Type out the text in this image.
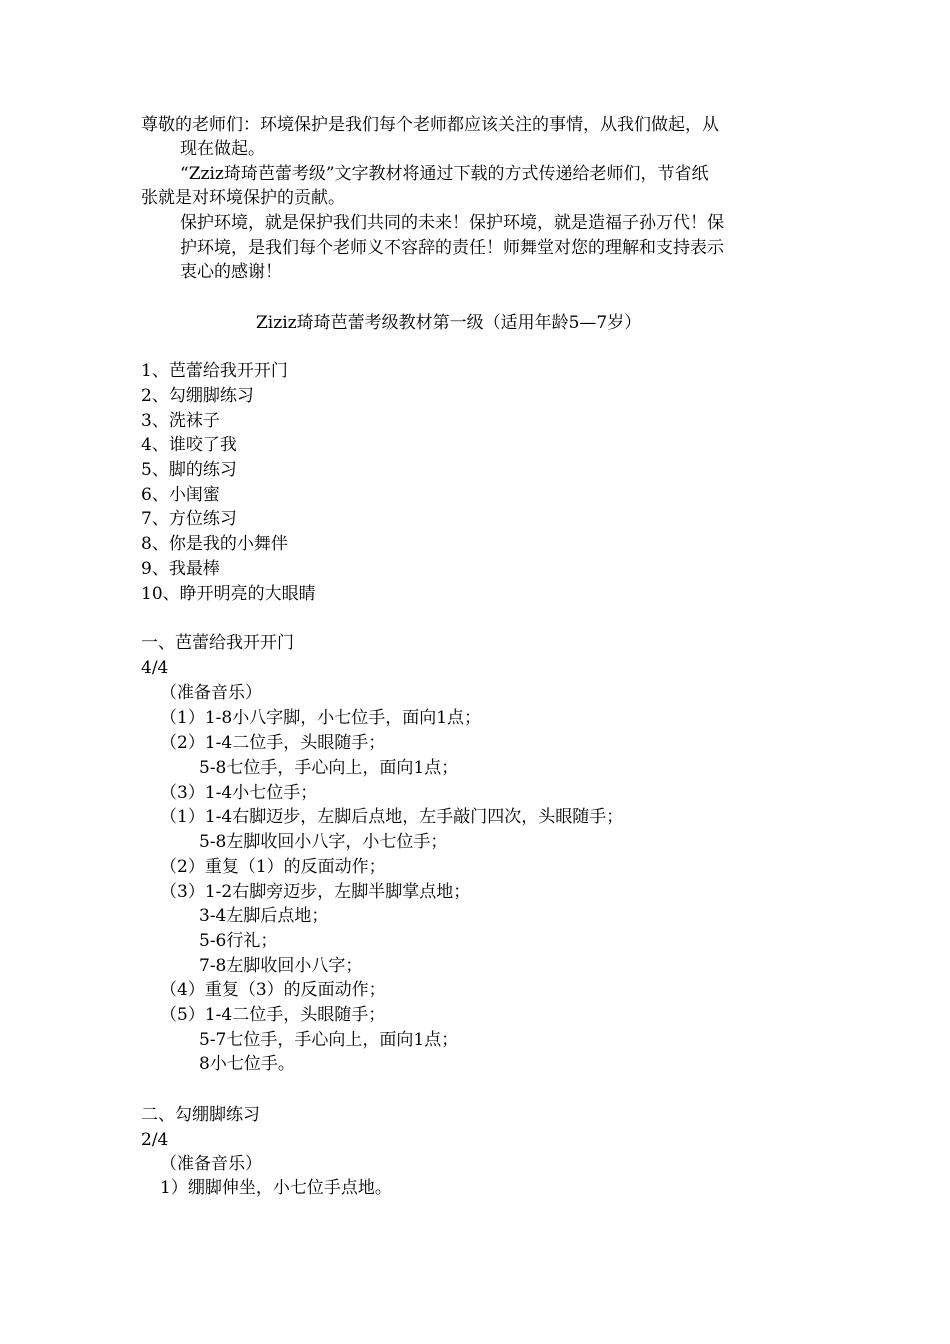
尊敬的老师们：环境保护是我们每个老师都应该关注的事情，从我们做起，从
现在做起。
“Zziz琦琦芭蕾考级”文字教材将通过下载的方式传递给老师们，节省纸
张就是对环境保护的贡献。
保护环境，就是保护我们共同的未来！保护环境，就是造福子孙万代！保
护环境，是我们每个老师义不容辞的责任！师舞堂对您的理解和支持表示
衷心的感谢！
Ziziz琦琦芭蕾考级教材第一级（适用年龄5—7岁）
1、芭蕾给我开开门
2、勾绷脚练习
3、洗袜子
4、谁咬了我
5、脚的练习
6、小闺蜜
7、方位练习
8、你是我的小舞伴
9、我最棒
10、睁开明亮的大眼睛
一、芭蕾给我开开门
4/4
（准备音乐）
（1）1-8小八字脚，小七位手，面向1点；
（2）1-4二位手，头眼随手；
5-8七位手，手心向上，面向1点；
（3）1-4小七位手；
（1）1-4右脚迈步，左脚后点地，左手敲门四次，头眼随手；
5-8左脚收回小八字，小七位手；
（2）重复（1）的反面动作；
（3）1-2右脚旁迈步，左脚半脚掌点地；
3-4左脚后点地；
5-6行礼；
7-8左脚收回小八字；
（4）重复（3）的反面动作；
（5）1-4二位手，头眼随手；
5-7七位手，手心向上，面向1点；
8小七位手。
二、勾绷脚练习
2/4
（准备音乐）
1）绷脚伸坐，小七位手点地。
